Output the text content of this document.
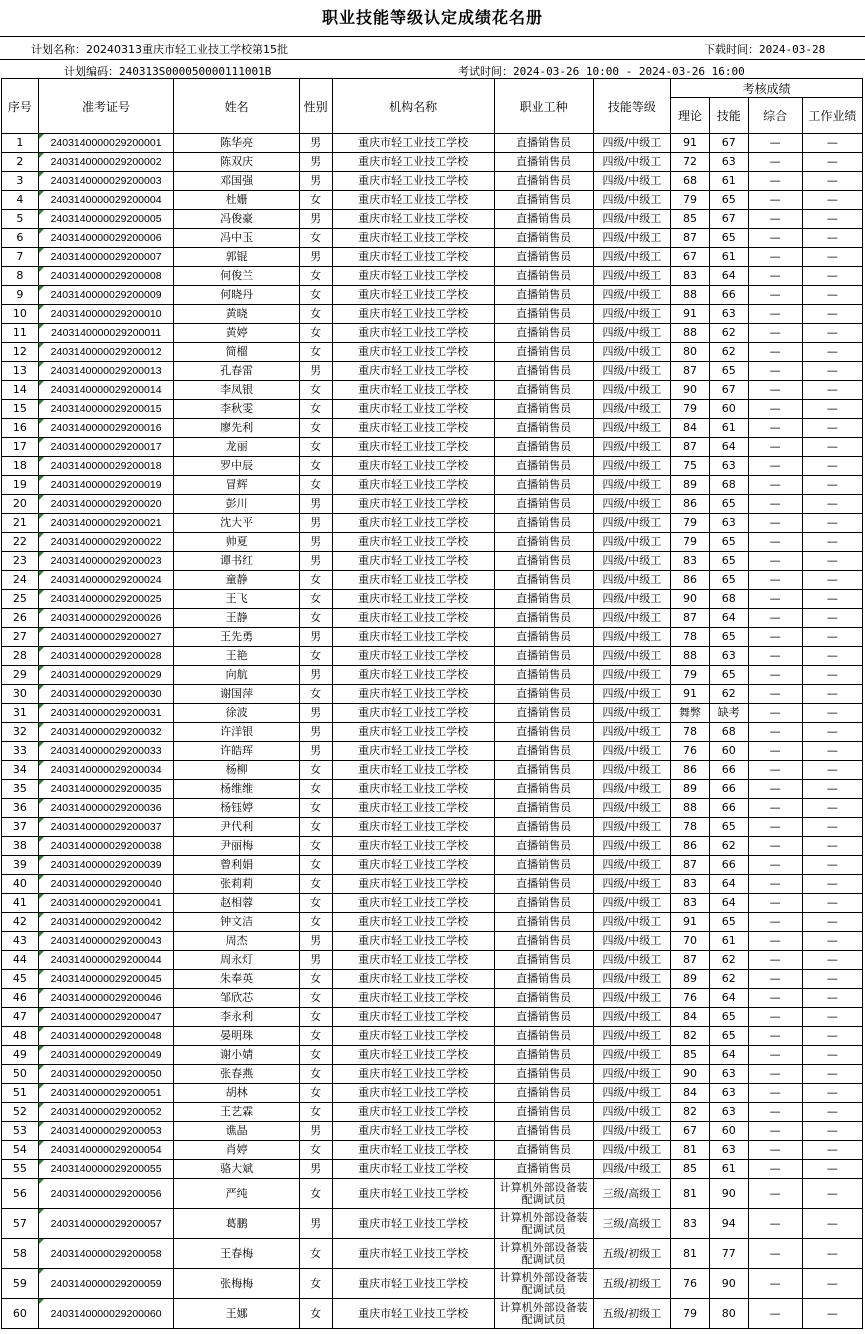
职业技能等级认定成绩花名册
计划名称：20240313重庆市轻工业技工学校第15批	下载时间：2024-03-28
计划编码：240313S000050000111001B	考试时间：2024-03-26 10:00 - 2024-03-26 16:00
序号	准考证号	姓名	性别	机构名称	职业工种	技能等级	考核成绩			
							理论	技能	综合	工作业绩
1	2403140000029200001	陈华亮	男	重庆市轻工业技工学校	直播销售员	四级/中级工	91	67	—	—
2	2403140000029200002	陈双庆	男	重庆市轻工业技工学校	直播销售员	四级/中级工	72	63	—	—
3	2403140000029200003	邓国强	男	重庆市轻工业技工学校	直播销售员	四级/中级工	68	61	—	—
4	2403140000029200004	杜姗	女	重庆市轻工业技工学校	直播销售员	四级/中级工	79	65	—	—
5	2403140000029200005	冯俊豪	男	重庆市轻工业技工学校	直播销售员	四级/中级工	85	67	—	—
6	2403140000029200006	冯中玉	女	重庆市轻工业技工学校	直播销售员	四级/中级工	87	65	—	—
7	2403140000029200007	郭锟	男	重庆市轻工业技工学校	直播销售员	四级/中级工	67	61	—	—
8	2403140000029200008	何俊兰	女	重庆市轻工业技工学校	直播销售员	四级/中级工	83	64	—	—
9	2403140000029200009	何晓丹	女	重庆市轻工业技工学校	直播销售员	四级/中级工	88	66	—	—
10	2403140000029200010	黄晓	女	重庆市轻工业技工学校	直播销售员	四级/中级工	91	63	—	—
11	2403140000029200011	黄婷	女	重庆市轻工业技工学校	直播销售员	四级/中级工	88	62	—	—
12	2403140000029200012	简榴	女	重庆市轻工业技工学校	直播销售员	四级/中级工	80	62	—	—
13	2403140000029200013	孔春雷	男	重庆市轻工业技工学校	直播销售员	四级/中级工	87	65	—	—
14	2403140000029200014	李凤银	女	重庆市轻工业技工学校	直播销售员	四级/中级工	90	67	—	—
15	2403140000029200015	李秋雯	女	重庆市轻工业技工学校	直播销售员	四级/中级工	79	60	—	—
16	2403140000029200016	廖先利	女	重庆市轻工业技工学校	直播销售员	四级/中级工	84	61	—	—
17	2403140000029200017	龙丽	女	重庆市轻工业技工学校	直播销售员	四级/中级工	87	64	—	—
18	2403140000029200018	罗中辰	女	重庆市轻工业技工学校	直播销售员	四级/中级工	75	63	—	—
19	2403140000029200019	冒辉	女	重庆市轻工业技工学校	直播销售员	四级/中级工	89	68	—	—
20	2403140000029200020	彭川	男	重庆市轻工业技工学校	直播销售员	四级/中级工	86	65	—	—
21	2403140000029200021	沈大平	男	重庆市轻工业技工学校	直播销售员	四级/中级工	79	63	—	—
22	2403140000029200022	帅夏	男	重庆市轻工业技工学校	直播销售员	四级/中级工	79	65	—	—
23	2403140000029200023	谭书红	男	重庆市轻工业技工学校	直播销售员	四级/中级工	83	65	—	—
24	2403140000029200024	童静	女	重庆市轻工业技工学校	直播销售员	四级/中级工	86	65	—	—
25	2403140000029200025	王飞	女	重庆市轻工业技工学校	直播销售员	四级/中级工	90	68	—	—
26	2403140000029200026	王静	女	重庆市轻工业技工学校	直播销售员	四级/中级工	87	64	—	—
27	2403140000029200027	王先勇	男	重庆市轻工业技工学校	直播销售员	四级/中级工	78	65	—	—
28	2403140000029200028	王艳	女	重庆市轻工业技工学校	直播销售员	四级/中级工	88	63	—	—
29	2403140000029200029	向航	男	重庆市轻工业技工学校	直播销售员	四级/中级工	79	65	—	—
30	2403140000029200030	谢国萍	女	重庆市轻工业技工学校	直播销售员	四级/中级工	91	62	—	—
31	2403140000029200031	徐波	男	重庆市轻工业技工学校	直播销售员	四级/中级工	舞弊	缺考	—	—
32	2403140000029200032	许洋银	男	重庆市轻工业技工学校	直播销售员	四级/中级工	78	68	—	—
33	2403140000029200033	许皓珲	男	重庆市轻工业技工学校	直播销售员	四级/中级工	76	60	—	—
34	2403140000029200034	杨柳	女	重庆市轻工业技工学校	直播销售员	四级/中级工	86	66	—	—
35	2403140000029200035	杨维维	女	重庆市轻工业技工学校	直播销售员	四级/中级工	89	66	—	—
36	2403140000029200036	杨钰婷	女	重庆市轻工业技工学校	直播销售员	四级/中级工	88	66	—	—
37	2403140000029200037	尹代利	女	重庆市轻工业技工学校	直播销售员	四级/中级工	78	65	—	—
38	2403140000029200038	尹丽梅	女	重庆市轻工业技工学校	直播销售员	四级/中级工	86	62	—	—
39	2403140000029200039	曾利娟	女	重庆市轻工业技工学校	直播销售员	四级/中级工	87	66	—	—
40	2403140000029200040	张莉莉	女	重庆市轻工业技工学校	直播销售员	四级/中级工	83	64	—	—
41	2403140000029200041	赵相蓉	女	重庆市轻工业技工学校	直播销售员	四级/中级工	83	64	—	—
42	2403140000029200042	钟文洁	女	重庆市轻工业技工学校	直播销售员	四级/中级工	91	65	—	—
43	2403140000029200043	周杰	男	重庆市轻工业技工学校	直播销售员	四级/中级工	70	61	—	—
44	2403140000029200044	周永灯	男	重庆市轻工业技工学校	直播销售员	四级/中级工	87	62	—	—
45	2403140000029200045	朱奉英	女	重庆市轻工业技工学校	直播销售员	四级/中级工	89	62	—	—
46	2403140000029200046	邹欣芯	女	重庆市轻工业技工学校	直播销售员	四级/中级工	76	64	—	—
47	2403140000029200047	李永利	女	重庆市轻工业技工学校	直播销售员	四级/中级工	84	65	—	—
48	2403140000029200048	晏明珠	女	重庆市轻工业技工学校	直播销售员	四级/中级工	82	65	—	—
49	2403140000029200049	谢小婧	女	重庆市轻工业技工学校	直播销售员	四级/中级工	85	64	—	—
50	2403140000029200050	张春燕	女	重庆市轻工业技工学校	直播销售员	四级/中级工	90	63	—	—
51	2403140000029200051	胡林	女	重庆市轻工业技工学校	直播销售员	四级/中级工	84	63	—	—
52	2403140000029200052	王艺霖	女	重庆市轻工业技工学校	直播销售员	四级/中级工	82	63	—	—
53	2403140000029200053	谯晶	男	重庆市轻工业技工学校	直播销售员	四级/中级工	67	60	—	—
54	2403140000029200054	肖婷	女	重庆市轻工业技工学校	直播销售员	四级/中级工	81	63	—	—
55	2403140000029200055	骆大斌	男	重庆市轻工业技工学校	直播销售员	四级/中级工	85	61	—	—
56	2403140000029200056	严纯	女	重庆市轻工业技工学校	计算机外部设备装配调试员	三级/高级工	81	90	—	—
57	2403140000029200057	葛鹏	男	重庆市轻工业技工学校	计算机外部设备装配调试员	三级/高级工	83	94	—	—
58	2403140000029200058	王春梅	女	重庆市轻工业技工学校	计算机外部设备装配调试员	五级/初级工	81	77	—	—
59	2403140000029200059	张梅梅	女	重庆市轻工业技工学校	计算机外部设备装配调试员	五级/初级工	76	90	—	—
60	2403140000029200060	王娜	女	重庆市轻工业技工学校	计算机外部设备装配调试员	五级/初级工	79	80	—	—
